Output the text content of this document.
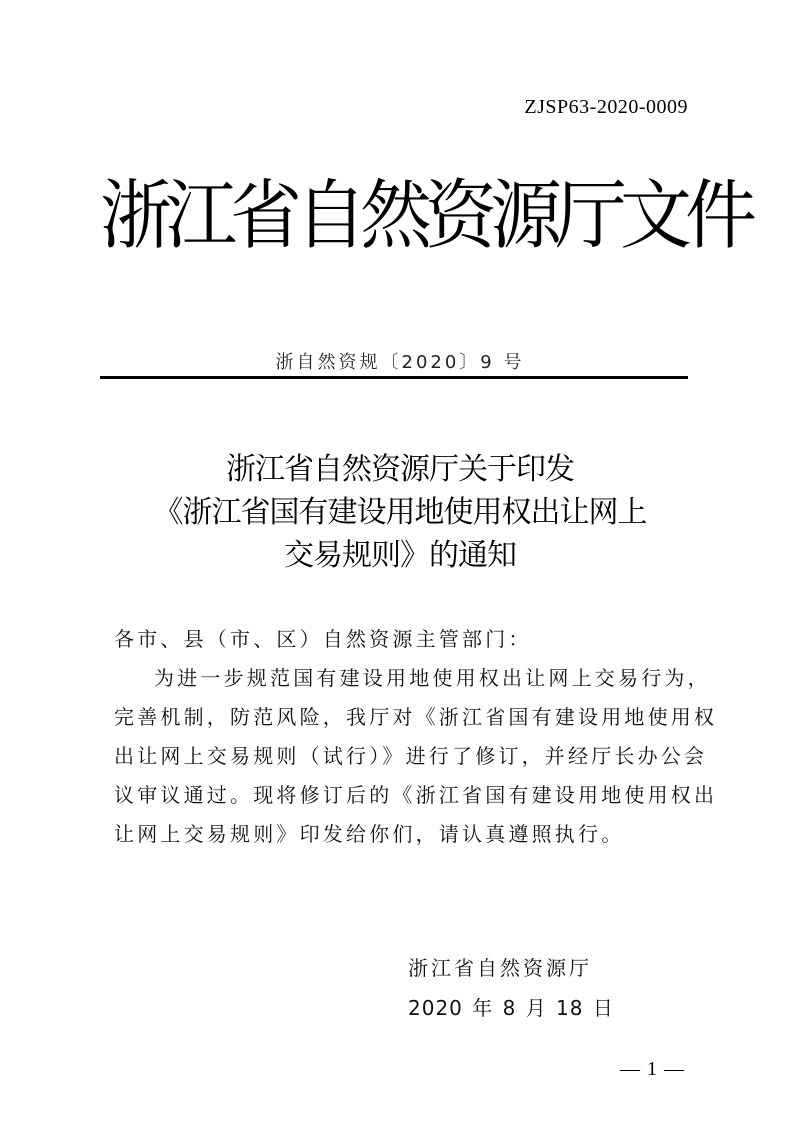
ZJSP63-2020-0009
浙江省自然资源厅文件
浙自然资规〔2020〕9 号
浙江省自然资源厅关于印发
《浙江省国有建设用地使用权出让网上
交易规则》的通知

各市、县（市、区）自然资源主管部门：

为进一步规范国有建设用地使用权出让网上交易行为，
完善机制，防范风险，我厅对《浙江省国有建设用地使用权
出让网上交易规则（试行）》进行了修订，并经厅长办公会
议审议通过。现将修订后的《浙江省国有建设用地使用权出
让网上交易规则》印发给你们，请认真遵照执行。

浙江省自然资源厅
2020 年 8 月 18 日
— 1 —
